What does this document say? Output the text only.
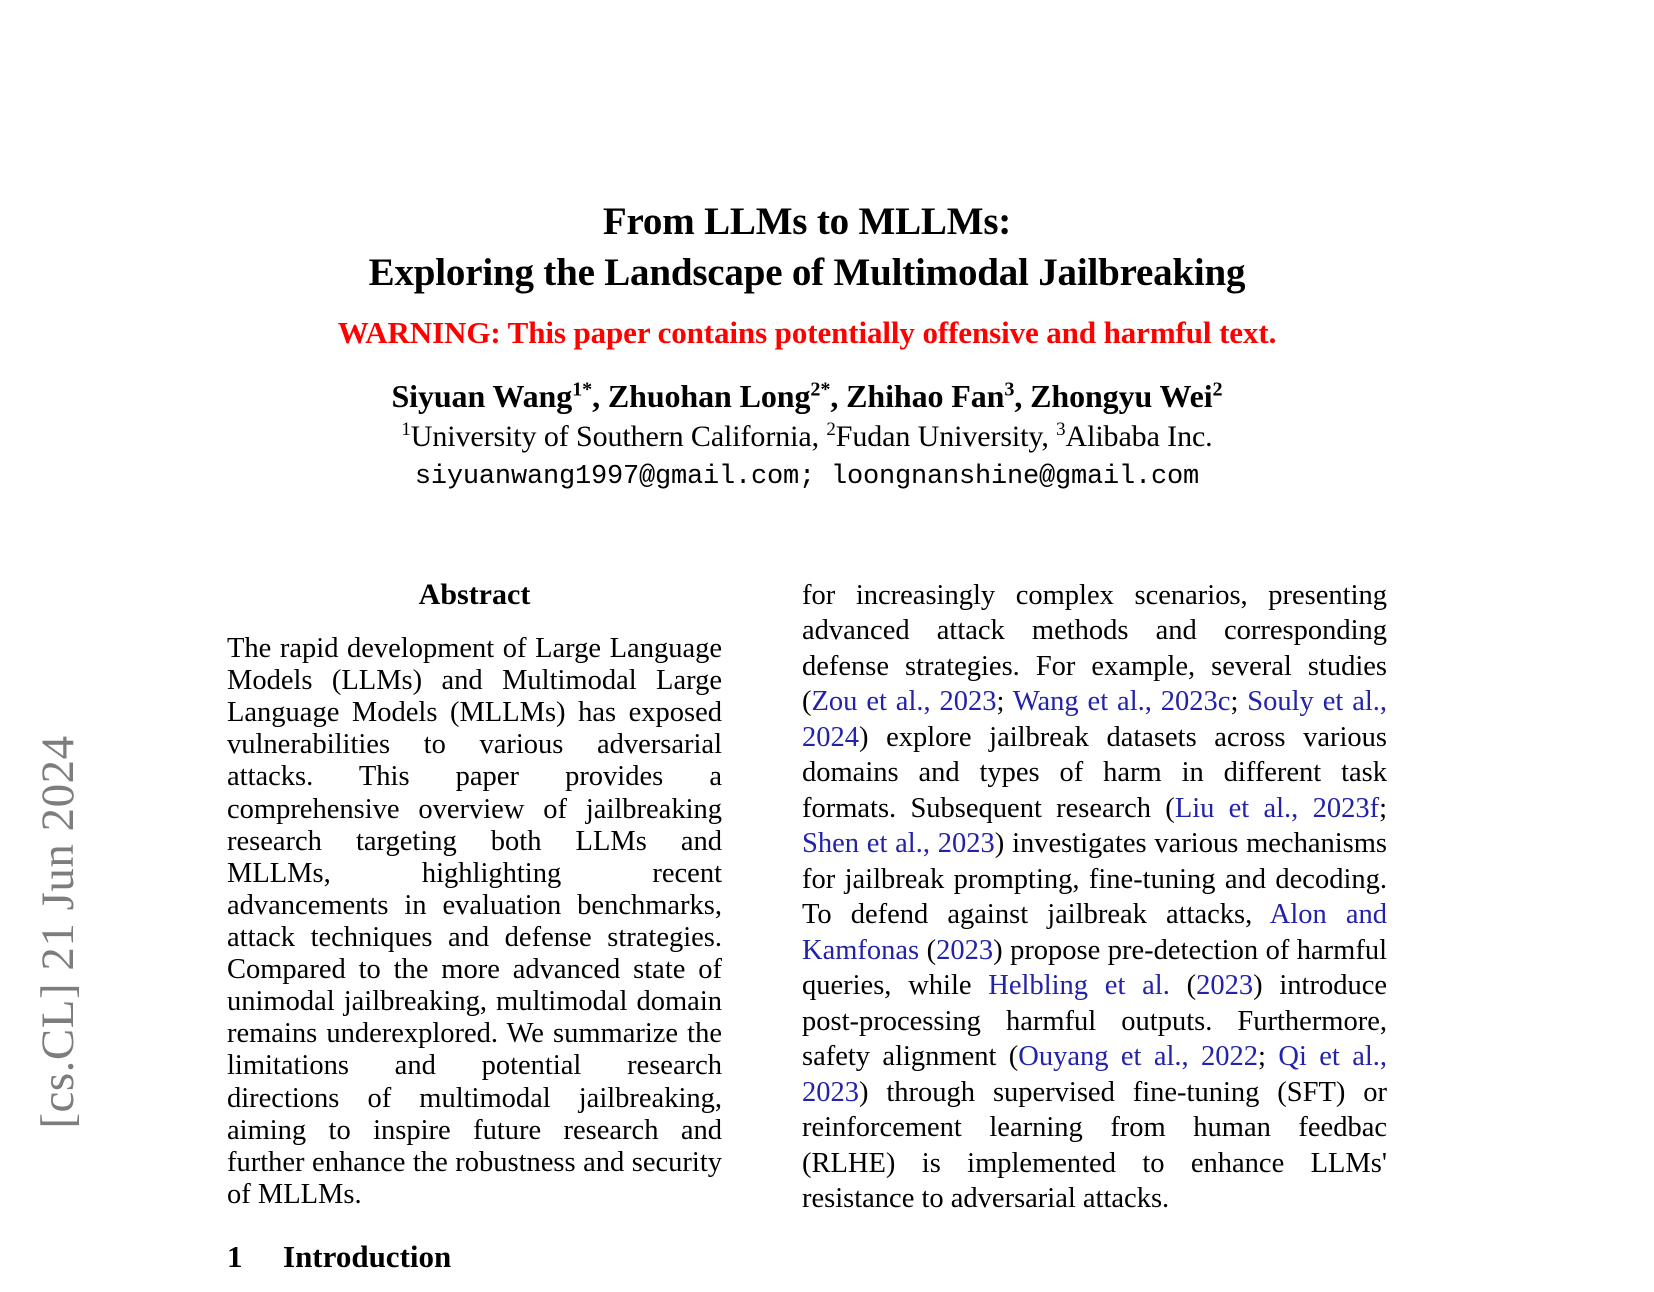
[cs.CL] 21 Jun 2024
From LLMs to MLLMs:
Exploring the Landscape of Multimodal Jailbreaking
WARNING: This paper contains potentially offensive and harmful text.
Siyuan Wang$^{1*}$, Zhuohan Long$^{2*}$, Zhihao Fan$^3$, Zhongyu Wei$^2$
$^1$University of Southern California, $^2$Fudan University, $^3$Alibaba Inc.
siyuanwang1997@gmail.com; loongnanshine@gmail.com
Abstract
The rapid development of Large Language Models (LLMs) and Multimodal Large Language Models (MLLMs) has exposed vulnerabilities to various adversarial attacks. This paper provides a comprehensive overview of jailbreaking research targeting both LLMs and MLLMs, highlighting recent advancements in evaluation benchmarks, attack techniques and defense strategies. Compared to the more advanced state of unimodal jailbreaking, multimodal domain remains underexplored. We summarize the limitations and potential research directions of multimodal jailbreaking, aiming to inspire future research and further enhance the robustness and security of MLLMs.
1	Introduction
for increasingly complex scenarios, presenting advanced attack methods and corresponding defense strategies. For example, several studies (Zou et al., 2023; Wang et al., 2023c; Souly et al., 2024) explore jailbreak datasets across various domains and types of harm in different task formats. Subsequent research (Liu et al., 2023f; Shen et al., 2023) investigates various mechanisms for jailbreak prompting, fine-tuning and decoding. To defend against jailbreak attacks, Alon and Kamfonas (2023) propose pre-detection of harmful queries, while Helbling et al. (2023) introduce post-processing harmful outputs. Furthermore, safety alignment (Ouyang et al., 2022; Qi et al., 2023) through supervised fine-tuning (SFT) or reinforcement learning from human feedbac (RLHE) is implemented to enhance LLMs' resistance to adversarial attacks.
